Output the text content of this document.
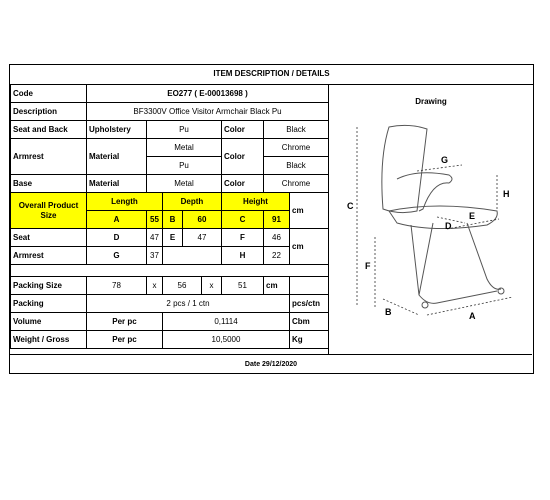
ITEM DESCRIPTION / DETAILS
Code	EO277 ( E-00013698 )							
Description	BF3300V Office Visitor Armchair Black Pu							
Seat and Back	Upholstery	Pu				Color	Black	
Armrest	Material	Metal				Color	Chrome	
		Pu					Black	
Base	Material	Metal				Color	Chrome	
Overall Product Size	Length		Depth			Height		cm
	A	55	B	60		C	91	
Seat	D	47	E	47		F	46	cm
Armrest	G	37				H	22	

Packing Size	78	x	56		x	51	cm	
Packing	2 pcs / 1 ctn							pcs/ctn
Volume	Per pc		0,1114					Cbm
Weight / Gross	Per pc		10,5000					Kg
Drawing
C
F
G
H
D
E
B	A
Date 29/12/2020
